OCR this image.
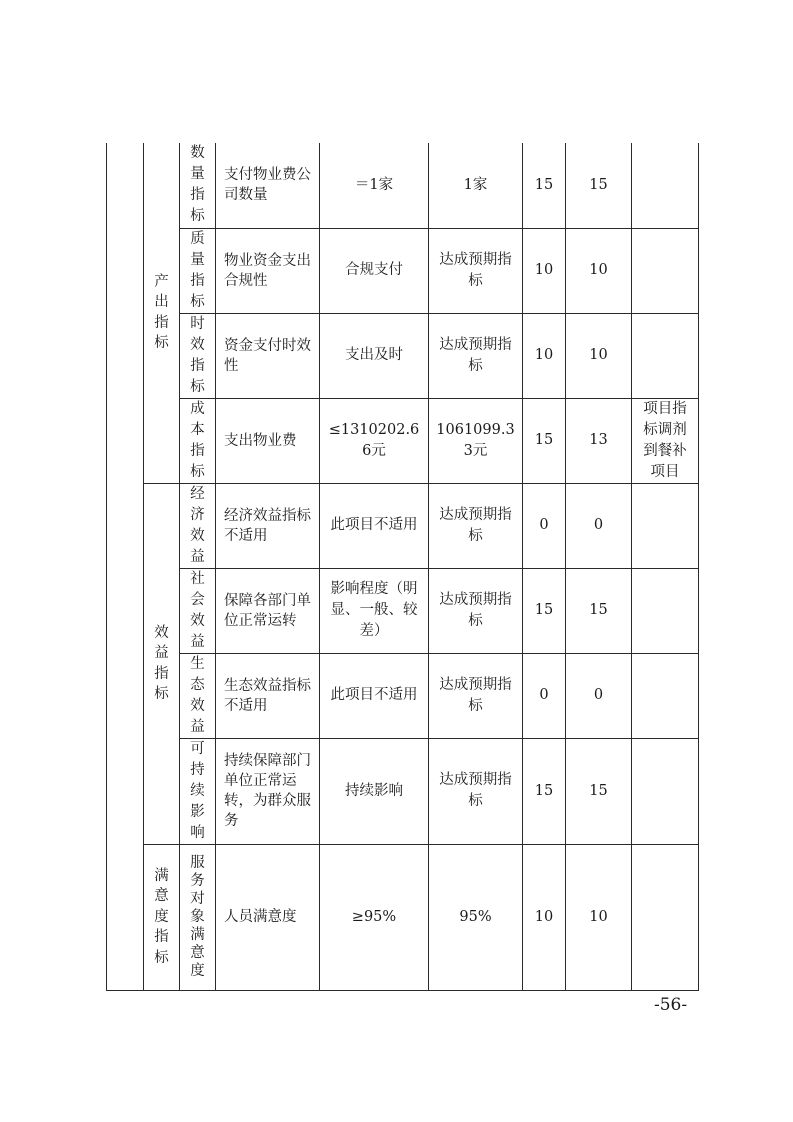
	产出指标	数量指标	支付物业费公司数量	＝1家	1家	15	15	

		质量指标	物业资金支出合规性	合规支付	达成预期指标	10	10	

		时效指标	资金支付时效性	支出及时	达成预期指标	10	10	

		成本指标	支出物业费	≤1310202.66元	1061099.33元	15	13	项目指标调剂到餐补项目

	效益指标	经济效益	经济效益指标不适用	此项目不适用	达成预期指标	0	0	

		社会效益	保障各部门单位正常运转	影响程度（明显、一般、较差）	达成预期指标	15	15	

		生态效益	生态效益指标不适用	此项目不适用	达成预期指标	0	0	

		可持续影响	持续保障部门单位正常运转，为群众服务	持续影响	达成预期指标	15	15	

	满意度指标	服务对象满意度	人员满意度	≥95%	95%	10	10	
-56-
